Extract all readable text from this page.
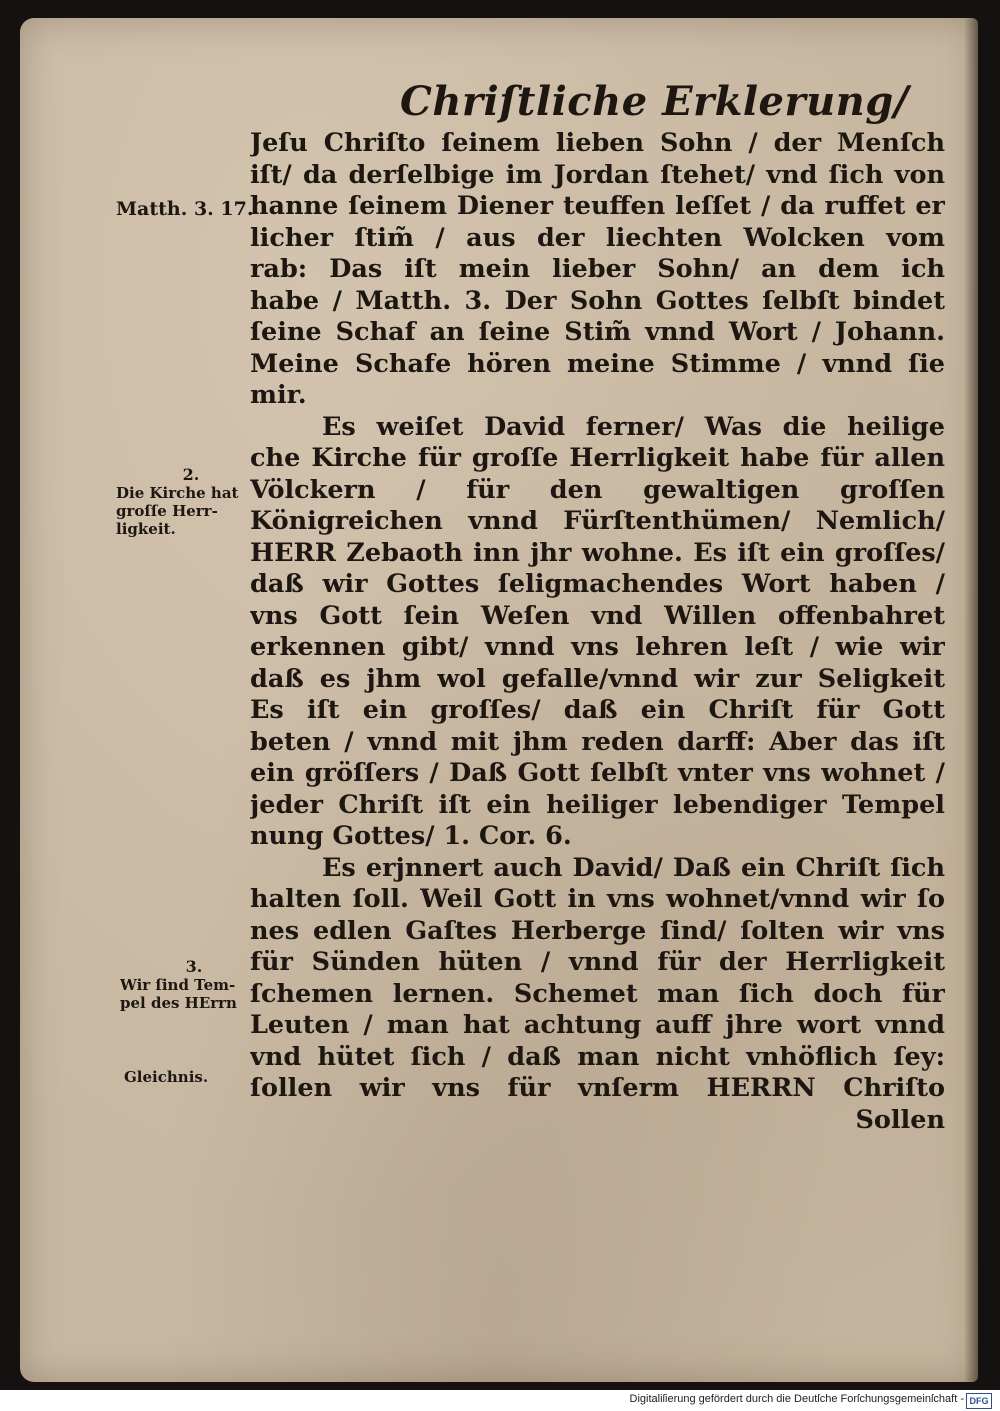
Chriſtliche Erklerung/
Matth. 3. 17.
2.
Die Kirche hat
groſſe Herr-
ligkeit.
3.
Wir ſind Tem-
pel des HErrn
Gleichnis.
Jeſu Chriſto ſeinem lieben Sohn / der Menſch
iſt/ da derſelbige im Jordan ſtehet/ vnd ſich von
hanne ſeinem Diener teuffen leſſet / da ruffet er
licher ſtim̃ / aus der liechten Wolcken vom
rab: Das iſt mein lieber Sohn/ an dem ich
habe / Matth. 3. Der Sohn Gottes ſelbſt bindet
ſeine Schaf an ſeine Stim̃ vnnd Wort / Johann.
Meine Schafe hören meine Stimme / vnnd ſie
mir.
Es weiſet David ferner/ Was die heilige
che Kirche für groſſe Herrligkeit habe für allen
Völckern / für den gewaltigen groſſen
Königreichen vnnd Fürſtenthümen/ Nemlich/
HERR Zebaoth inn jhr wohne. Es iſt ein groſſes/
daß wir Gottes ſeligmachendes Wort haben /
vns Gott ſein Weſen vnd Willen offenbahret
erkennen gibt/ vnnd vns lehren leſt / wie wir
daß es jhm wol gefalle/vnnd wir zur Seligkeit
Es iſt ein groſſes/ daß ein Chriſt für Gott
beten / vnnd mit jhm reden darff: Aber das iſt
ein gröſſers / Daß Gott ſelbſt vnter vns wohnet /
jeder Chriſt iſt ein heiliger lebendiger Tempel
nung Gottes/ 1. Cor. 6.
Es erjnnert auch David/ Daß ein Chriſt ſich
halten ſoll. Weil Gott in vns wohnet/vnnd wir ſo
nes edlen Gaſtes Herberge ſind/ ſolten wir vns
für Sünden hüten / vnnd für der Herrligkeit
ſchemen lernen. Schemet man ſich doch für
Leuten / man hat achtung auff jhre wort vnnd
vnd hütet ſich / daß man nicht vnhöflich ſey:
ſollen wir vns für vnſerm HERRN Chriſto
Sollen
Digitaliſierung gefördert durch die Deutſche Forſchungsgemeinſchaft - DFG
